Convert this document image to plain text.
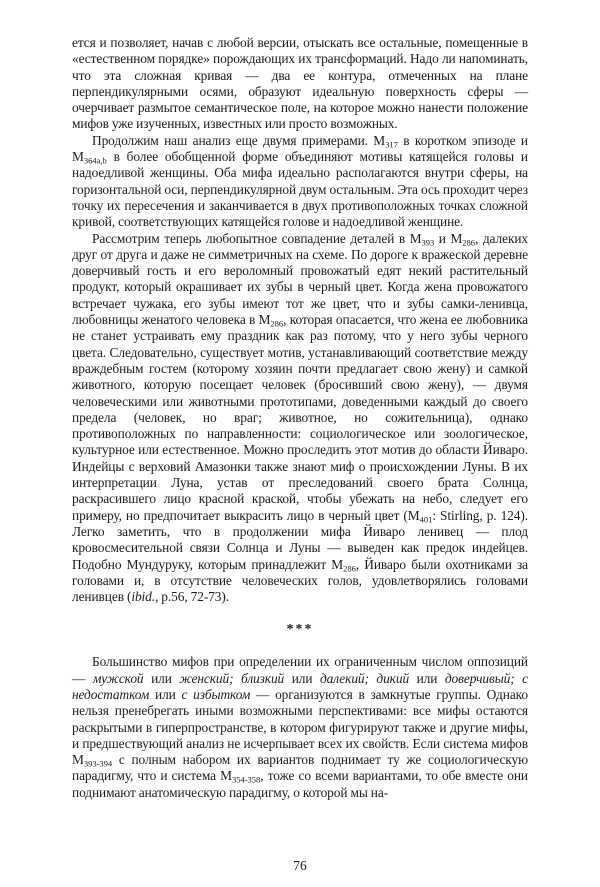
ется и позволяет, начав с любой версии, отыскать все остальные, помещенные в «естественном порядке» порождающих их трансформаций. Надо ли напоминать, что эта сложная кривая — два ее контура, отмеченных на плане перпендикулярными осями, образуют идеальную поверхность сферы — очерчивает размытое семантическое поле, на которое можно нанести положение мифов уже изученных, известных или просто возможных.

Продолжим наш анализ еще двумя примерами. $M_{317}$ в коротком эпизоде и $M_{364a,b}$ в более обобщенной форме объединяют мотивы катящейся головы и надоедливой женщины. Оба мифа идеально располагаются внутри сферы, на горизонтальной оси, перпендикулярной двум остальным. Эта ось проходит через точку их пересечения и заканчивается в двух противоположных точках сложной кривой, соответствующих катящейся голове и надоедливой женщине.

Рассмотрим теперь любопытное совпадение деталей в $M_{393}$ и $M_{286}$, далеких друг от друга и даже не симметричных на схеме. По дороге к вражеской деревне доверчивый гость и его вероломный провожатый едят некий растительный продукт, который окрашивает их зубы в черный цвет. Когда жена провожатого встречает чужака, его зубы имеют тот же цвет, что и зубы самки-ленивца, любовницы женатого человека в $M_{286}$, которая опасается, что жена ее любовника не станет устраивать ему праздник как раз потому, что у него зубы черного цвета. Следовательно, существует мотив, устанавливающий соответствие между враждебным гостем (которому хозяин почти предлагает свою жену) и самкой животного, которую посещает человек (бросивший свою жену), — двумя человеческими или животными прототипами, доведенными каждый до своего предела (человек, но враг; животное, но сожительница), однако противоположных по направленности: социологическое или зоологическое, культурное или естественное. Можно проследить этот мотив до области Йиваро. Индейцы с верховий Амазонки также знают миф о происхождении Луны. В их интерпретации Луна, устав от преследований своего брата Солнца, раскрасившего лицо красной краской, чтобы убежать на небо, следует его примеру, но предпочитает выкрасить лицо в черный цвет ($M_{401}$: Stirling, p. 124). Легко заметить, что в продолжении мифа Йиваро ленивец — плод кровосмесительной связи Солнца и Луны — выведен как предок индейцев. Подобно Мундуруку, которым принадлежит $M_{286}$, Йиваро были охотниками за головами и, в отсутствие человеческих голов, удовлетворялись головами ленивцев (ibid., p.56, 72-73).

***

Большинство мифов при определении их ограниченным числом оппозиций — мужской или женский; близкий или далекий; дикий или доверчивый; с недостатком или с избытком — организуются в замкнутые группы. Однако нельзя пренебрегать иными возможными перспективами: все мифы остаются раскрытыми в гиперпространстве, в котором фигурируют также и другие мифы, и предшествующий анализ не исчерпывает всех их свойств. Если система мифов $M_{393-394}$ с полным набором их вариантов поднимает ту же социологическую парадигму, что и система $M_{354-358}$, тоже со всеми вариантами, то обе вместе они поднимают анатомическую парадигму, о которой мы на-

76
